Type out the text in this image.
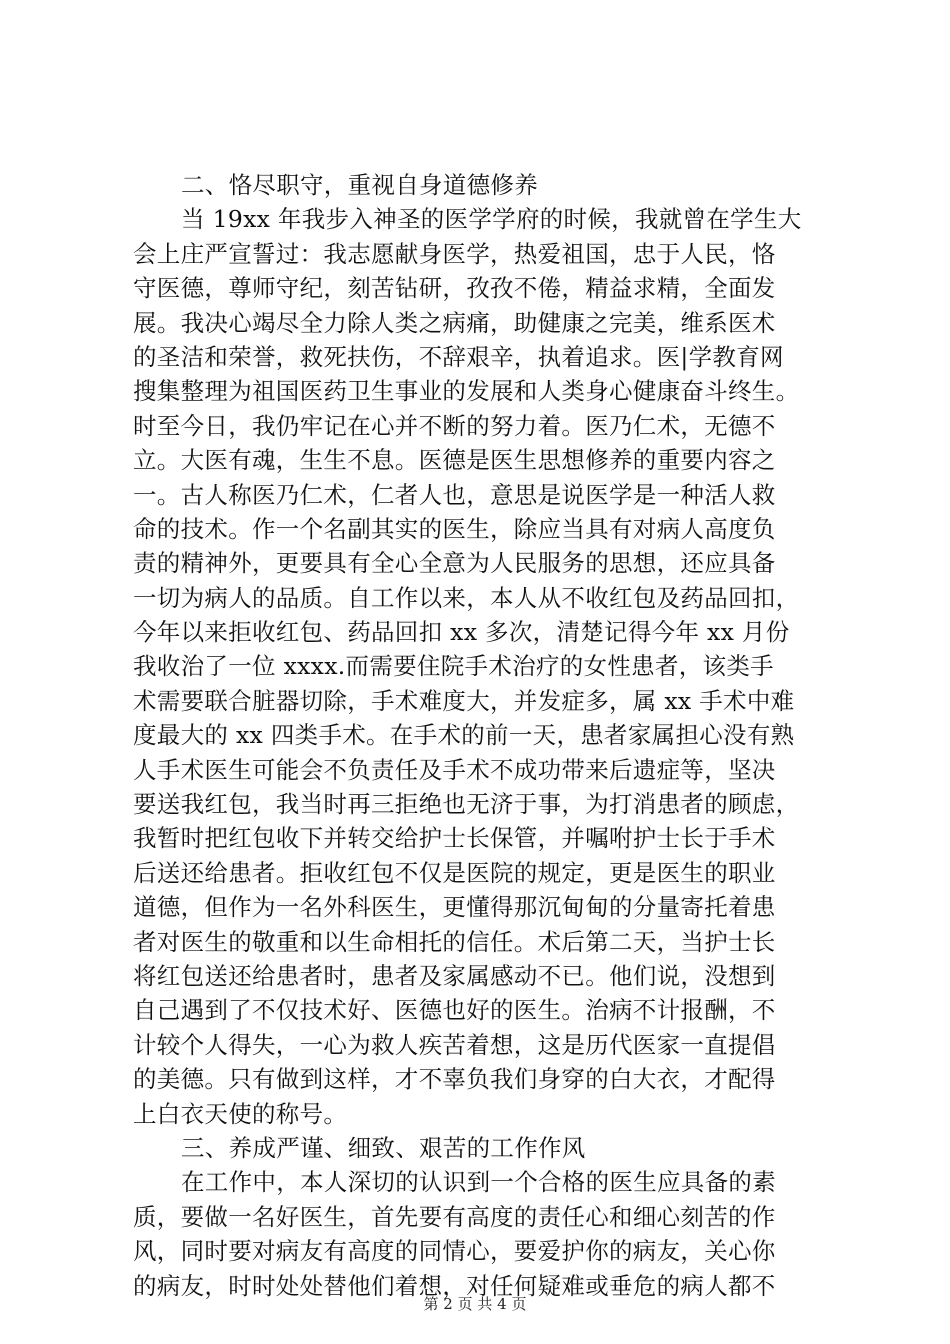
二、恪尽职守，重视自身道德修养
当 19xx 年我步入神圣的医学学府的时候，我就曾在学生大
会上庄严宣誓过：我志愿献身医学，热爱祖国，忠于人民，恪
守医德，尊师守纪，刻苦钻研，孜孜不倦，精益求精，全面发
展。我决心竭尽全力除人类之病痛，助健康之完美，维系医术
的圣洁和荣誉，救死扶伤，不辞艰辛，执着追求。医|学教育网
搜集整理为祖国医药卫生事业的发展和人类身心健康奋斗终生。
时至今日，我仍牢记在心并不断的努力着。医乃仁术，无德不
立。大医有魂，生生不息。医德是医生思想修养的重要内容之
一。古人称医乃仁术，仁者人也，意思是说医学是一种活人救
命的技术。作一个名副其实的医生，除应当具有对病人高度负
责的精神外，更要具有全心全意为人民服务的思想，还应具备
一切为病人的品质。自工作以来，本人从不收红包及药品回扣，
今年以来拒收红包、药品回扣 xx 多次，清楚记得今年 xx 月份
我收治了一位 xxxx.而需要住院手术治疗的女性患者，该类手
术需要联合脏器切除，手术难度大，并发症多，属 xx 手术中难
度最大的 xx 四类手术。在手术的前一天，患者家属担心没有熟
人手术医生可能会不负责任及手术不成功带来后遗症等，坚决
要送我红包，我当时再三拒绝也无济于事，为打消患者的顾虑，
我暂时把红包收下并转交给护士长保管，并嘱咐护士长于手术
后送还给患者。拒收红包不仅是医院的规定，更是医生的职业
道德，但作为一名外科医生，更懂得那沉甸甸的分量寄托着患
者对医生的敬重和以生命相托的信任。术后第二天，当护士长
将红包送还给患者时，患者及家属感动不已。他们说，没想到
自己遇到了不仅技术好、医德也好的医生。治病不计报酬，不
计较个人得失，一心为救人疾苦着想，这是历代医家一直提倡
的美德。只有做到这样，才不辜负我们身穿的白大衣，才配得
上白衣天使的称号。
三、养成严谨、细致、艰苦的工作作风
在工作中，本人深切的认识到一个合格的医生应具备的素
质，要做一名好医生，首先要有高度的责任心和细心刻苦的作
风，同时要对病友有高度的同情心，要爱护你的病友，关心你
的病友，时时处处替他们着想，对任何疑难或垂危的病人都不
第 2 页 共 4 页
